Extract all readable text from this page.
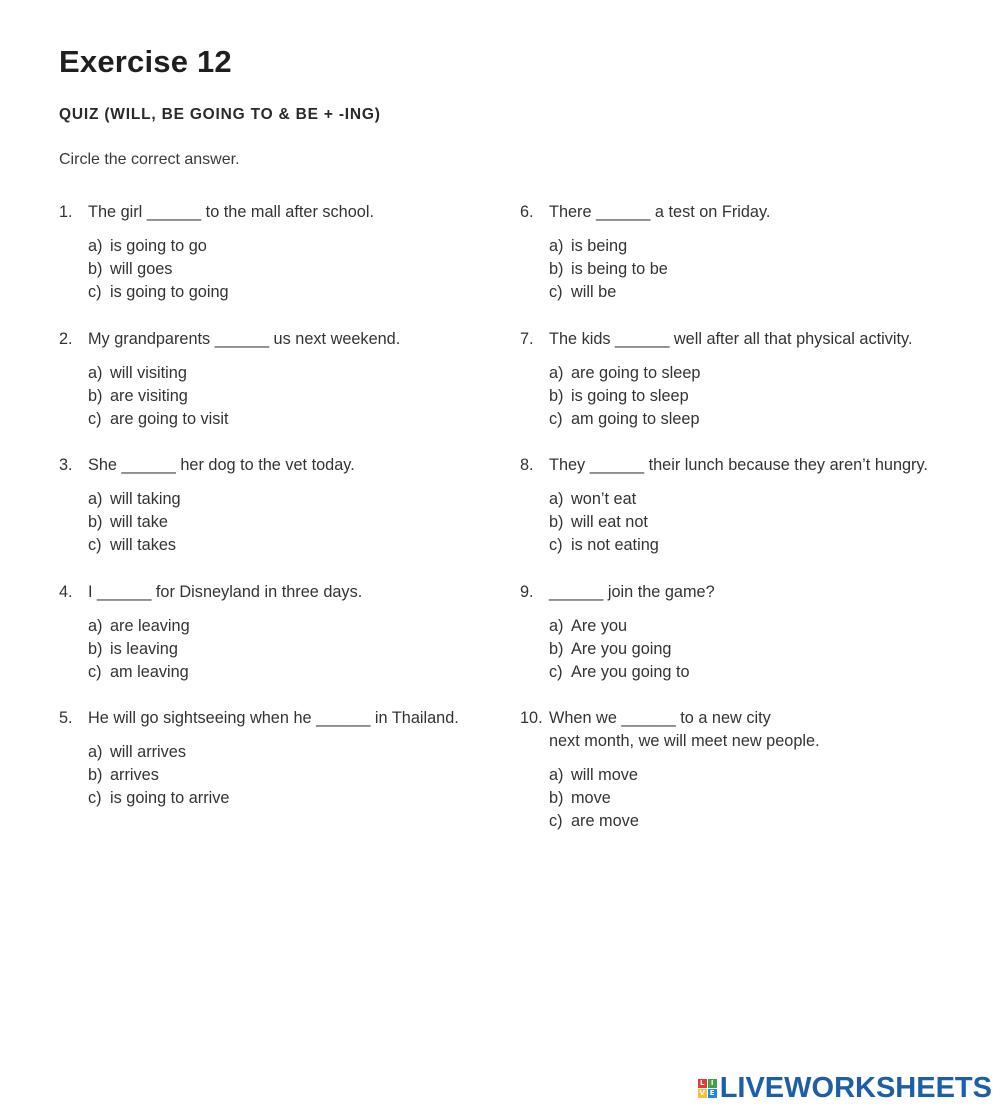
Exercise 12
QUIZ (WILL, BE GOING TO & BE + -ING)

Circle the correct answer.

1. The girl ______ to the mall after school.
a) is going to go
b) will goes
c) is going to going
2. My grandparents ______ us next weekend.
a) will visiting
b) are visiting
c) are going to visit
3. She ______ her dog to the vet today.
a) will taking
b) will take
c) will takes
4. I ______ for Disneyland in three days.
a) are leaving
b) is leaving
c) am leaving
5. He will go sightseeing when he ______ in Thailand.
a) will arrives
b) arrives
c) is going to arrive
6. There ______ a test on Friday.
a) is being
b) is being to be
c) will be
7. The kids ______ well after all that physical activity.
a) are going to sleep
b) is going to sleep
c) am going to sleep
8. They ______ their lunch because they aren’t hungry.
a) won’t eat
b) will eat not
c) is not eating
9. ______ join the game?
a) Are you
b) Are you going
c) Are you going to
10. When we ______ to a new city
next month, we will meet new people.
a) will move
b) move
c) are move
L I
V E LIVEWORKSHEETS
